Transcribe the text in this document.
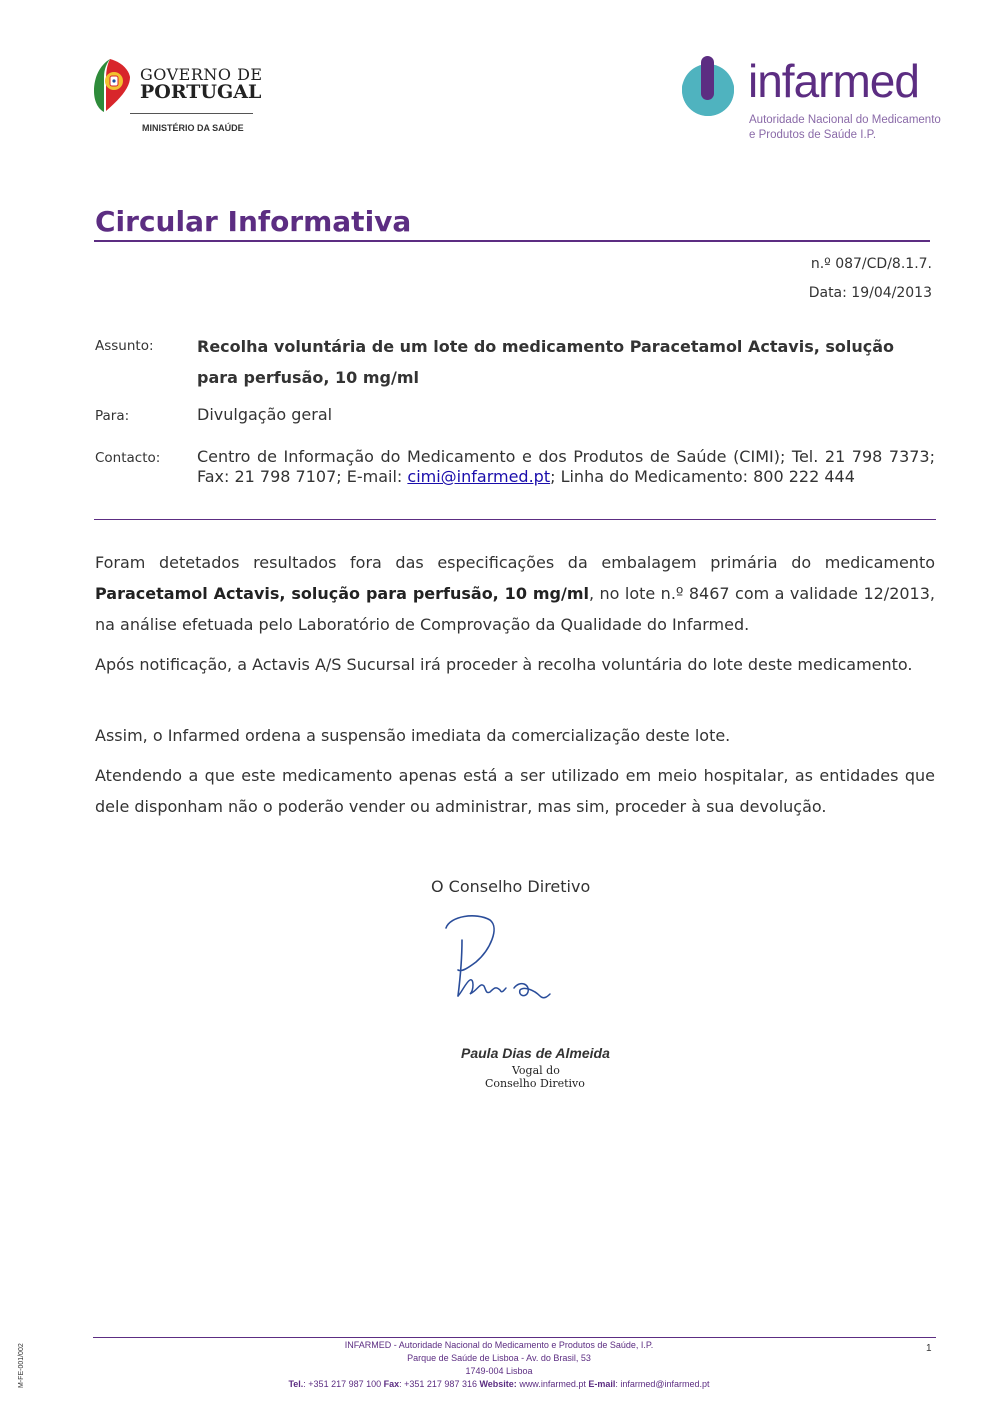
GOVERNO DE
PORTUGAL
MINISTÉRIO DA SAÚDE
infarmed
Autoridade Nacional do Medicamento
e Produtos de Saúde I.P.
Circular Informativa
n.º 087/CD/8.1.7.
Data: 19/04/2013
Assunto:	Recolha voluntária de um lote do medicamento Paracetamol Actavis, solução para perfusão, 10 mg/ml
Para:	Divulgação geral
Contacto: Centro de Informação do Medicamento e dos Produtos de Saúde (CIMI); Tel. 21 798 7373; Fax: 21 798 7107; E-mail: cimi@infarmed.pt; Linha do Medicamento: 800 222 444
Foram detetados resultados fora das especificações da embalagem primária do medicamento Paracetamol Actavis, solução para perfusão, 10 mg/ml, no lote n.º 8467 com a validade 12/2013, na análise efetuada pelo Laboratório de Comprovação da Qualidade do Infarmed.
Após notificação, a Actavis A/S Sucursal irá proceder à recolha voluntária do lote deste medicamento.
Assim, o Infarmed ordena a suspensão imediata da comercialização deste lote.
Atendendo a que este medicamento apenas está a ser utilizado em meio hospitalar, as entidades que dele disponham não o poderão vender ou administrar, mas sim, proceder à sua devolução.
O Conselho Diretivo
Paula Dias de Almeida
Vogal do
Conselho Diretivo
INFARMED - Autoridade Nacional do Medicamento e Produtos de Saúde, I.P.
Parque de Saúde de Lisboa - Av. do Brasil, 53
1749-004 Lisboa
Tel.: +351 217 987 100 Fax: +351 217 987 316 Website: www.infarmed.pt E-mail: infarmed@infarmed.pt
1
M-FE-001/002
